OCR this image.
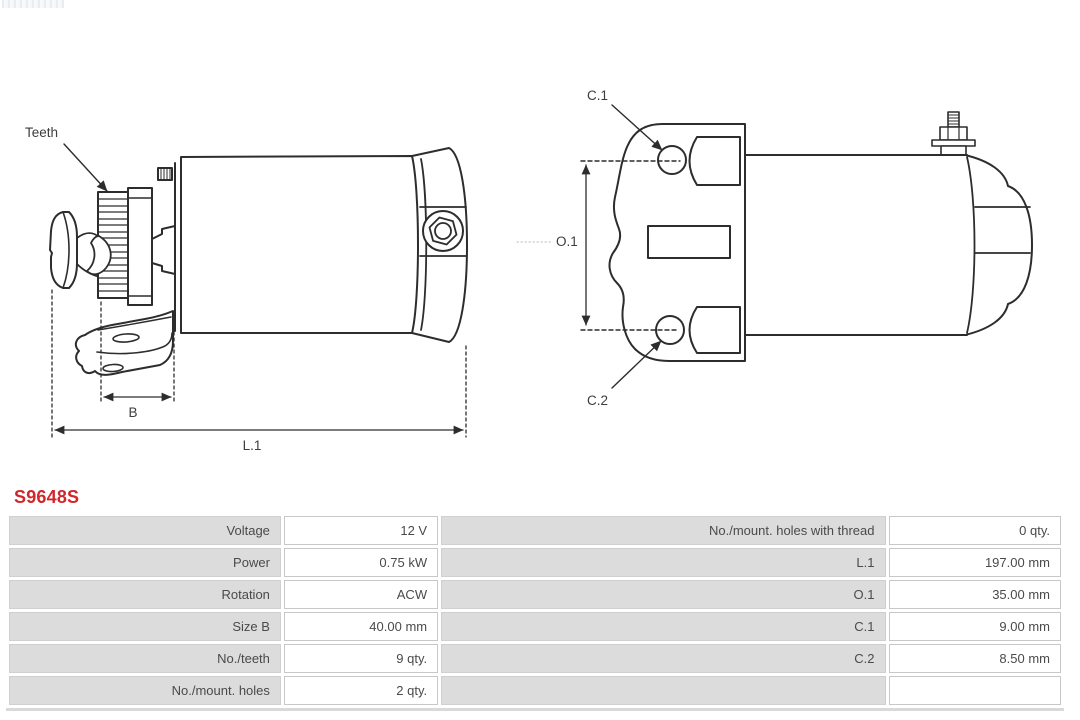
Teeth
B
L.1
O.1
C.1
C.2
S9648S
Voltage	12 V	No./mount. holes with thread	0 qty.
Power	0.75 kW	L.1	197.00 mm
Rotation	ACW	O.1	35.00 mm
Size B	40.00 mm	C.1	9.00 mm
No./teeth	9 qty.	C.2	8.50 mm
No./mount. holes	2 qty.		
